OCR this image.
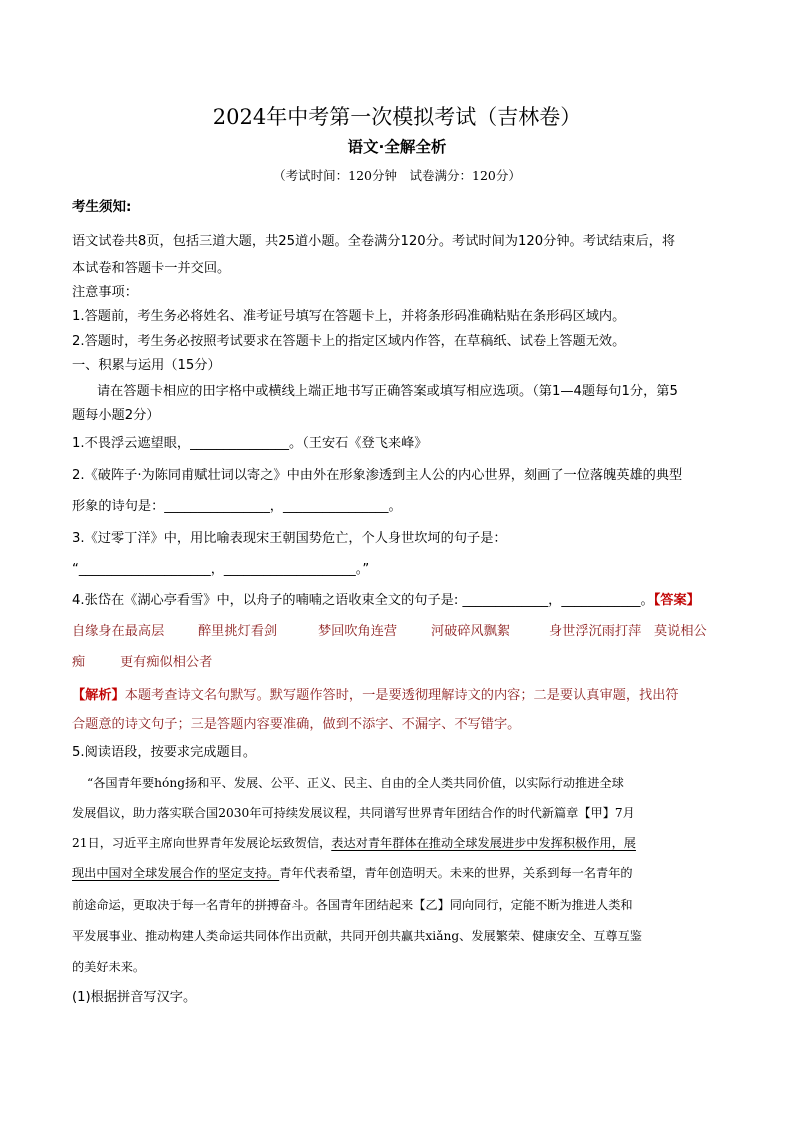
2024年中考第一次模拟考试（吉林卷）
语文·全解全析
（考试时间：120分钟　试卷满分：120分）
考生须知:
语文试卷共8页，包括三道大题，共25道小题。全卷满分120分。考试时间为120分钟。考试结束后，将
本试卷和答题卡一并交回。
注意事项：
1.答题前，考生务必将姓名、准考证号填写在答题卡上，并将条形码准确粘贴在条形码区域内。
2.答题时，考生务必按照考试要求在答题卡上的指定区域内作答，在草稿纸、试卷上答题无效。
一、积累与运用（15分）
请在答题卡相应的田字格中或横线上端正地书写正确答案或填写相应选项。（第1—4题每句1分，第5
题每小题2分）
1.不畏浮云遮望眼，_______________。（王安石《登飞来峰》
2.《破阵子·为陈同甫赋壮词以寄之》中由外在形象渗透到主人公的内心世界，刻画了一位落魄英雄的典型
形象的诗句是：________________，________________。
3.《过零丁洋》中，用比喻表现宋王朝国势危亡，个人身世坎坷的句子是：
“____________________，____________________。”
4.张岱在《湖心亭看雪》中，以舟子的喃喃之语收束全文的句子是: _____________，____________。【答案】
自缘身在最高层	醉里挑灯看剑	梦回吹角连营	河破碎风飘絮	身世浮沉雨打萍 莫说相公
痴	更有痴似相公者
【解析】本题考查诗文名句默写。默写题作答时，一是要透彻理解诗文的内容；二是要认真审题，找出符
合题意的诗文句子；三是答题内容要准确，做到不添字、不漏字、不写错字。
5.阅读语段，按要求完成题目。
“各国青年要hóng扬和平、发展、公平、正义、民主、自由的全人类共同价值，以实际行动推进全球
发展倡议，助力落实联合国2030年可持续发展议程，共同谱写世界青年团结合作的时代新篇章【甲】7月
21日，习近平主席向世界青年发展论坛致贺信，表达对青年群体在推动全球发展进步中发挥积极作用，展
现出中国对全球发展合作的坚定支持。青年代表希望，青年创造明天。未来的世界，关系到每一名青年的
前途命运，更取决于每一名青年的拼搏奋斗。各国青年团结起来【乙】同向同行，定能不断为推进人类和
平发展事业、推动构建人类命运共同体作出贡献，共同开创共赢共xiǎng、发展繁荣、健康安全、互尊互鉴
的美好未来。
(1)根据拼音写汉字。
